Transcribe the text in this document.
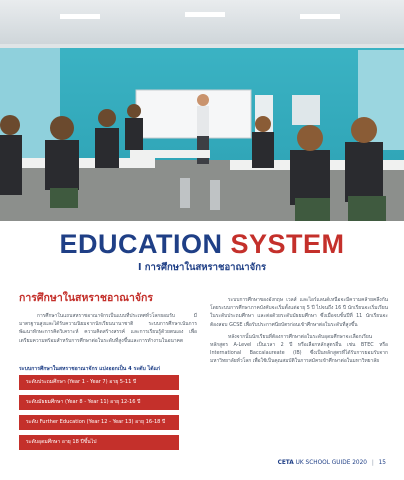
EDUCATION SYSTEM
I การศึกษาในสหราชอาณาจักร
การศึกษาในสหราชอาณาจักร

การศึกษาในแถบสหราชอาณาจักรเป็นแบบที่ประเทศทั่วโลกยอมรับ มีมาตรฐานสูงและได้รับความนิยมจากนักเรียนนานาชาติ ระบบการศึกษาเน้นการพัฒนาทักษะการคิดวิเคราะห์ ความคิดสร้างสรรค์ และการเรียนรู้ด้วยตนเอง เพื่อเตรียมความพร้อมสำหรับการศึกษาต่อในระดับที่สูงขึ้นและการทำงานในอนาคต

ระบบการศึกษาในสหราชอาณาจักร แบ่งออกเป็น 4 ระดับ ได้แก่
ระดับประถมศึกษา (Year 1 - Year 7) อายุ 5-11 ปี
ระดับมัธยมศึกษา (Year 8 - Year 11) อายุ 12-16 ปี
ระดับ Further Education (Year 12 - Year 13) อายุ 16-18 ปี
ระดับอุดมศึกษา อายุ 18 ปีขึ้นไป

ระบบการศึกษาของอังกฤษ เวลส์ และไอร์แลนด์เหนือจะมีความคล้ายคลึงกัน โดยระบบการศึกษาภาคบังคับจะเริ่มตั้งแต่อายุ 5 ปี ไปจนถึง 16 ปี นักเรียนจะเริ่มเรียนในระดับประถมศึกษา และต่อด้วยระดับมัธยมศึกษา ซึ่งเมื่อจบชั้นปีที่ 11 นักเรียนจะต้องสอบ GCSE เพื่อรับประกาศนียบัตรก่อนเข้าศึกษาต่อในระดับที่สูงขึ้น

หลังจากนั้นนักเรียนที่ต้องการศึกษาต่อในระดับอุดมศึกษาจะเลือกเรียนหลักสูตร A-Level เป็นเวลา 2 ปี หรือเลือกหลักสูตรอื่น เช่น BTEC หรือ International Baccalaureate (IB) ซึ่งเป็นหลักสูตรที่ได้รับการยอมรับจากมหาวิทยาลัยทั่วโลก เพื่อใช้เป็นคุณสมบัติในการสมัครเข้าศึกษาต่อในมหาวิทยาลัย

CETA UK SCHOOL GUIDE 2020 | 15
